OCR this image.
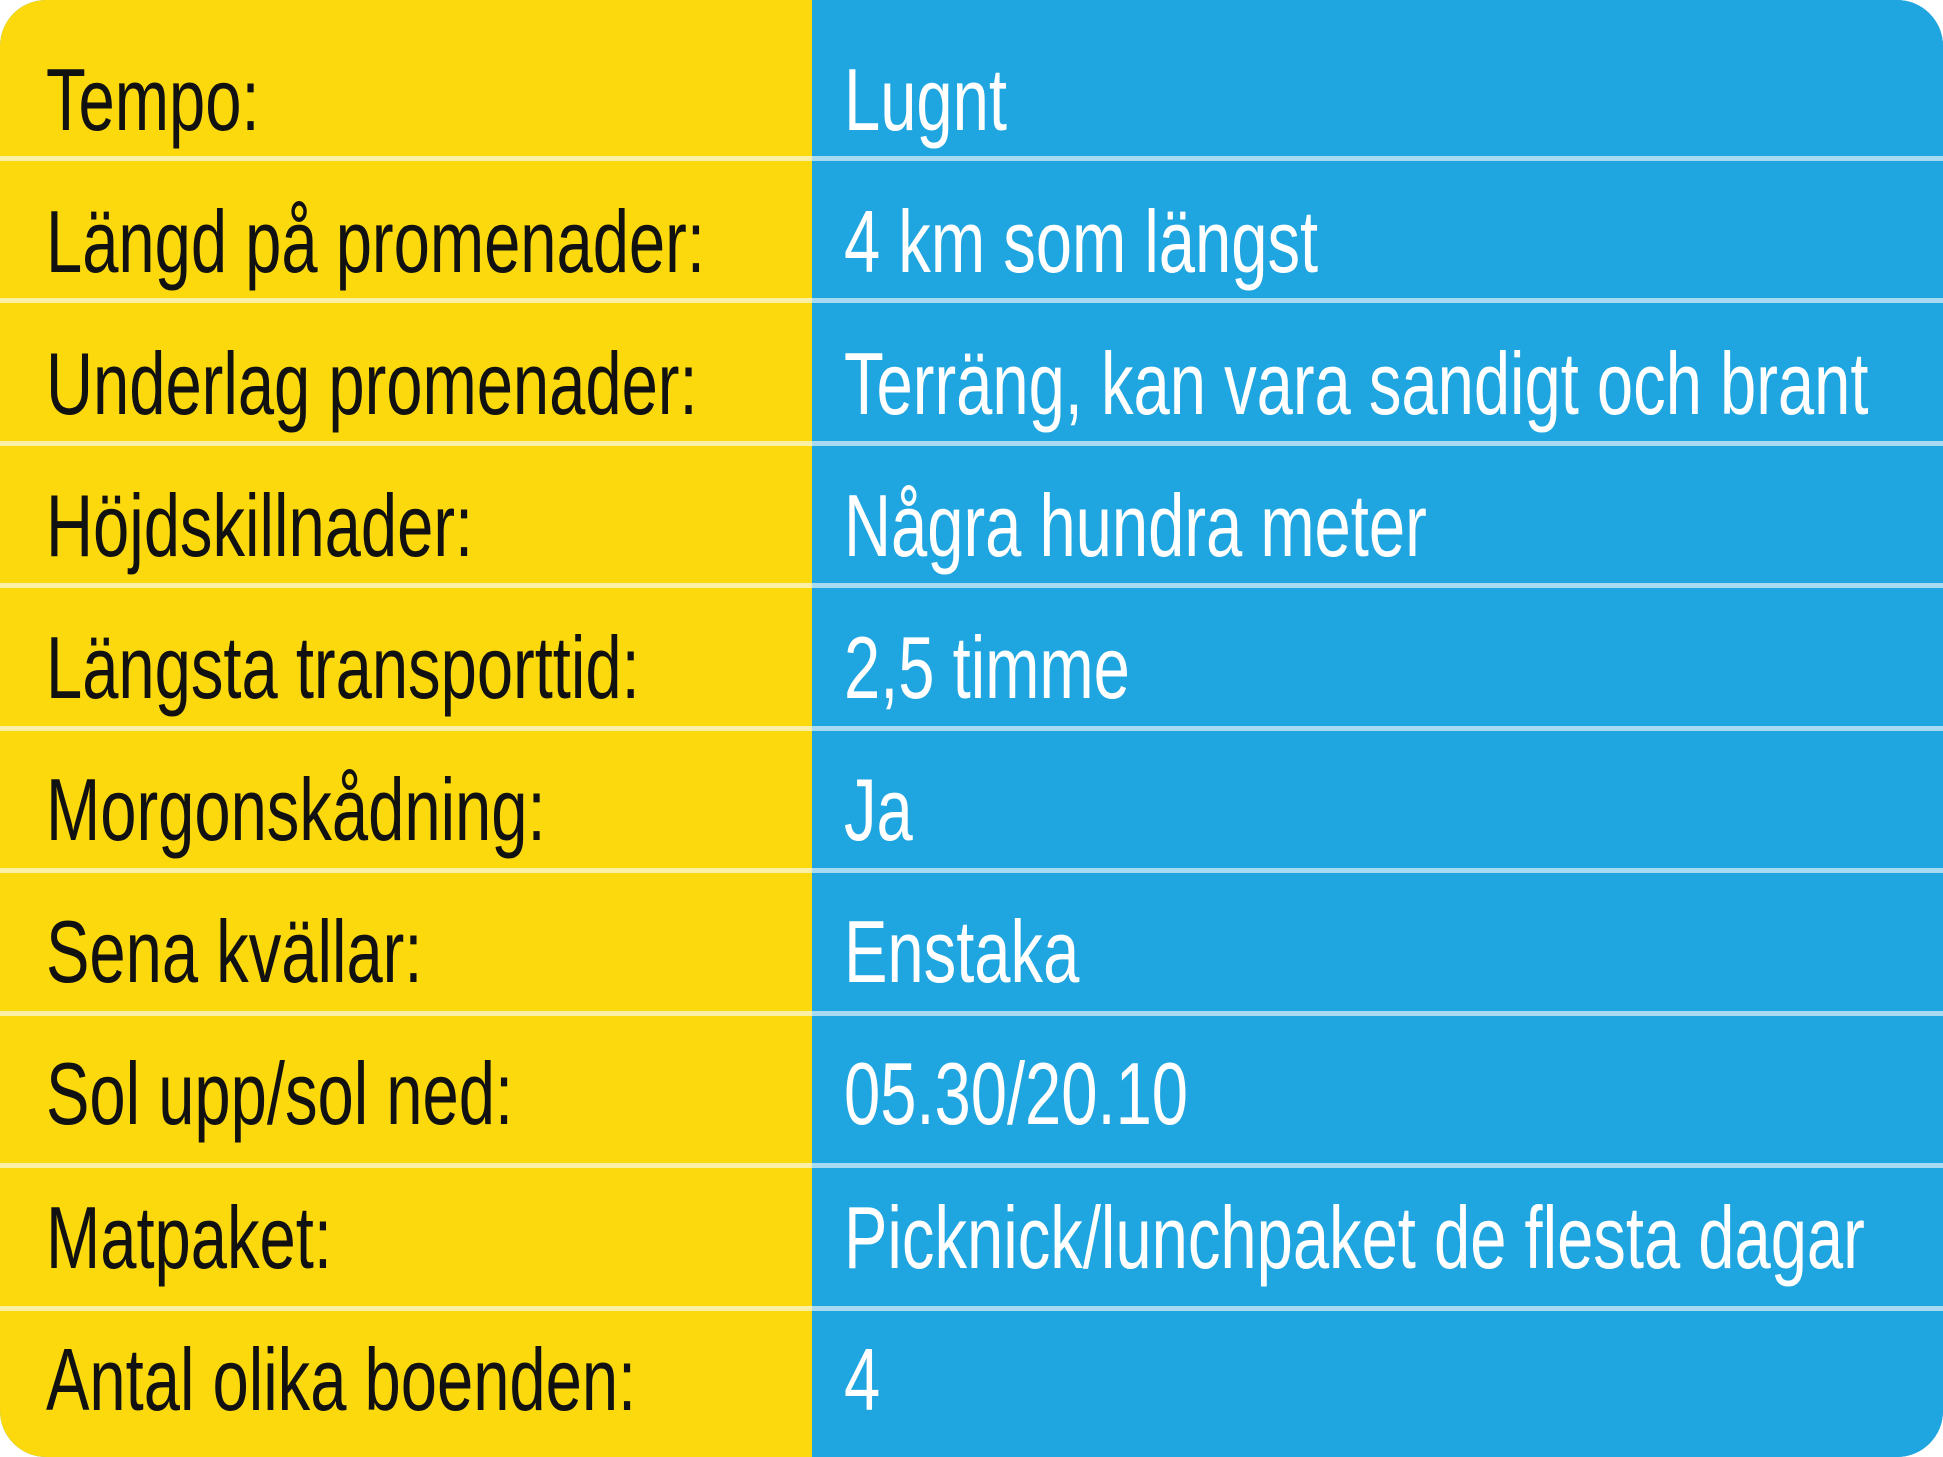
Tempo:	Lugnt
Längd på promenader: 4 km som längst
Underlag promenader: Terräng, kan vara sandigt och brant
Höjdskillnader:	Några hundra meter
Längsta transporttid: 2,5 timme
Morgonskådning:	Ja
Sena kvällar:	Enstaka
Sol upp/sol ned:	05.30/20.10
Matpaket:	Picknick/lunchpaket de flesta dagar
Antal olika boenden: 4
